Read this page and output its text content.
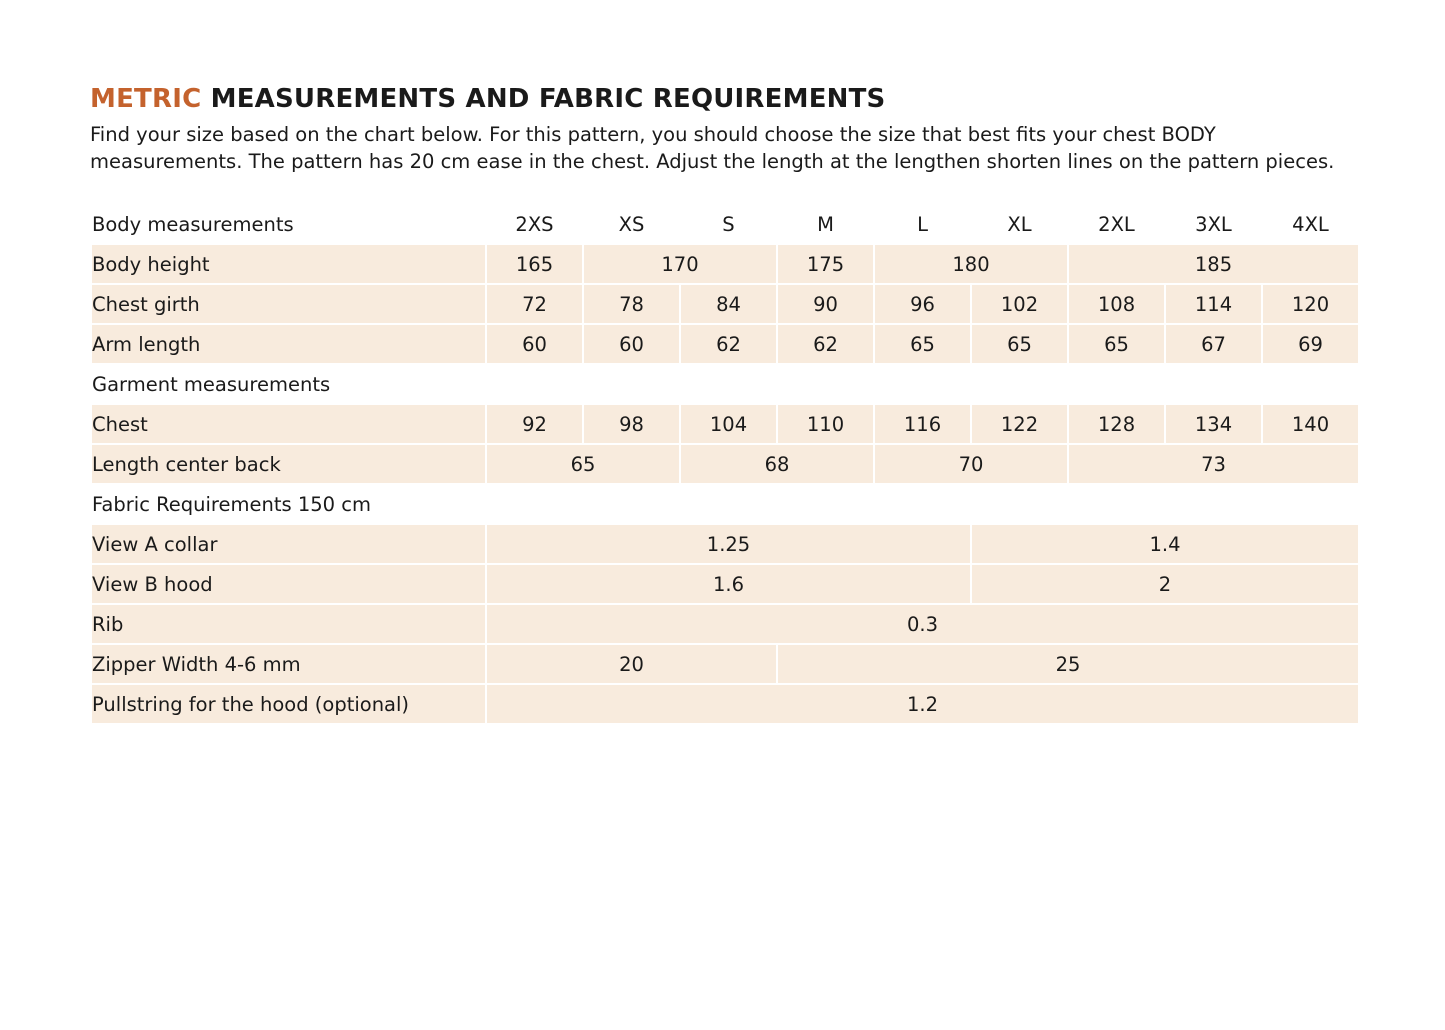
METRIC MEASUREMENTS AND FABRIC REQUIREMENTS

Find your size based on the chart below. For this pattern, you should choose the size that best fits your chest BODY measurements. The pattern has 20 cm ease in the chest. Adjust the length at the lengthen shorten lines on the pattern pieces.

Body measurements	2XS	XS	S	M	L	XL	2XL	3XL	4XL
Body height	165	170		175	180		185		
Chest girth	72	78	84	90	96	102	108	114	120
Arm length	60	60	62	62	65	65	65	67	69
Garment measurements									
Chest	92	98	104	110	116	122	128	134	140
Length center back	65		68		70		73		
Fabric Requirements 150 cm									
View A collar	1.25					1.4			
View B hood	1.6					2			
Rib	0.3								
Zipper Width 4-6 mm	20			25					
Pullstring for the hood (optional)	1.2								
